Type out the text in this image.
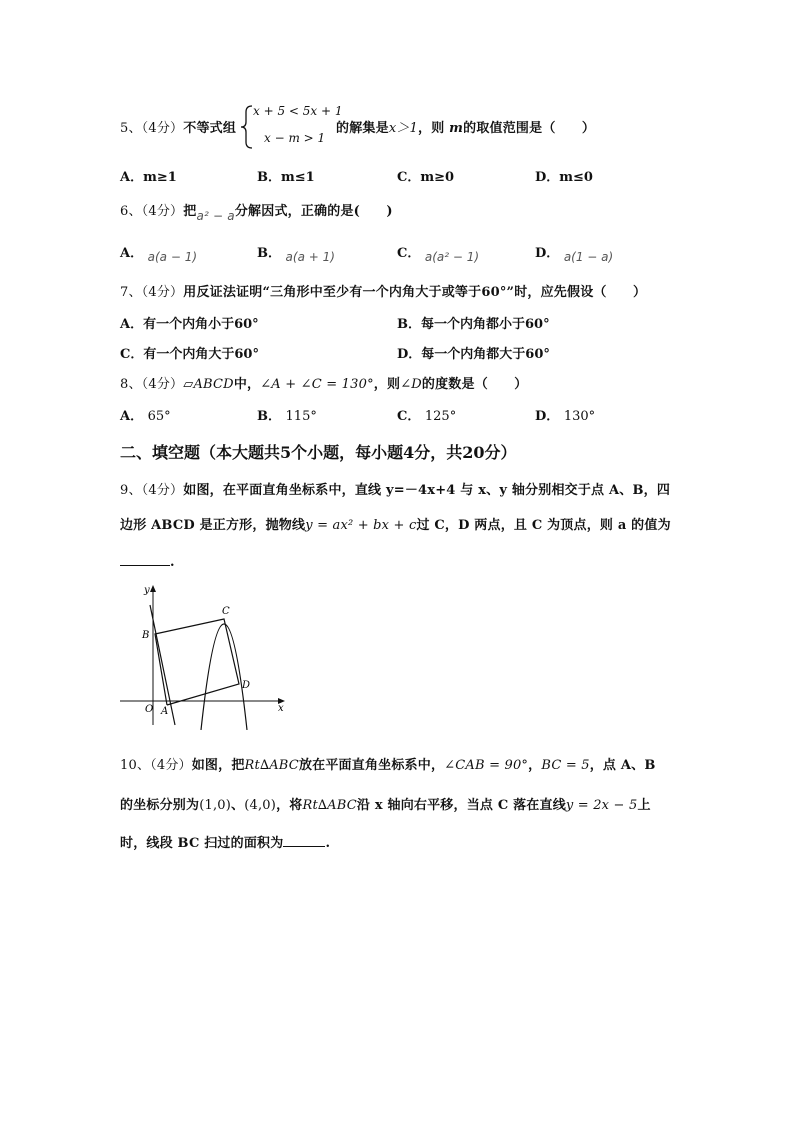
5、（4分）不等式组
x + 5 < 5x + 1
x − m > 1
的解集是x＞1，则 m的取值范围是（　　）
A．m≥1	B．m≤1	C．m≥0	D．m≤0
6、（4分）把a² − a分解因式，正确的是(　　)
A． a(a − 1)	B． a(a + 1)	C． a(a² − 1)	D． a(1 − a)
7、（4分）用反证法证明“三角形中至少有一个内角大于或等于60°”时，应先假设（　　）
A．有一个内角小于60°	B．每一个内角都小于60°
C．有一个内角大于60°	D．每一个内角都大于60°
8、（4分）▱ABCD中，∠A + ∠C = 130°，则∠D的度数是（　　）
A． 65°	B． 115°	C． 125°	D． 130°
二、填空题（本大题共5个小题，每小题4分，共20分）
9、（4分）如图，在平面直角坐标系中，直线 y=－4x+4 与 x、y 轴分别相交于点 A、B，四
边形 ABCD 是正方形，抛物线y = ax² + bx + c过 C，D 两点，且 C 为顶点，则 a 的值为
.
y
x
O A
B
C
D
10、（4分）如图，把Rt∆ABC放在平面直角坐标系中，∠CAB = 90°，BC = 5，点 A、B
的坐标分别为(1,0)、(4,0)，将Rt∆ABC沿 x 轴向右平移，当点 C 落在直线y = 2x − 5上
时，线段 BC 扫过的面积为	.
